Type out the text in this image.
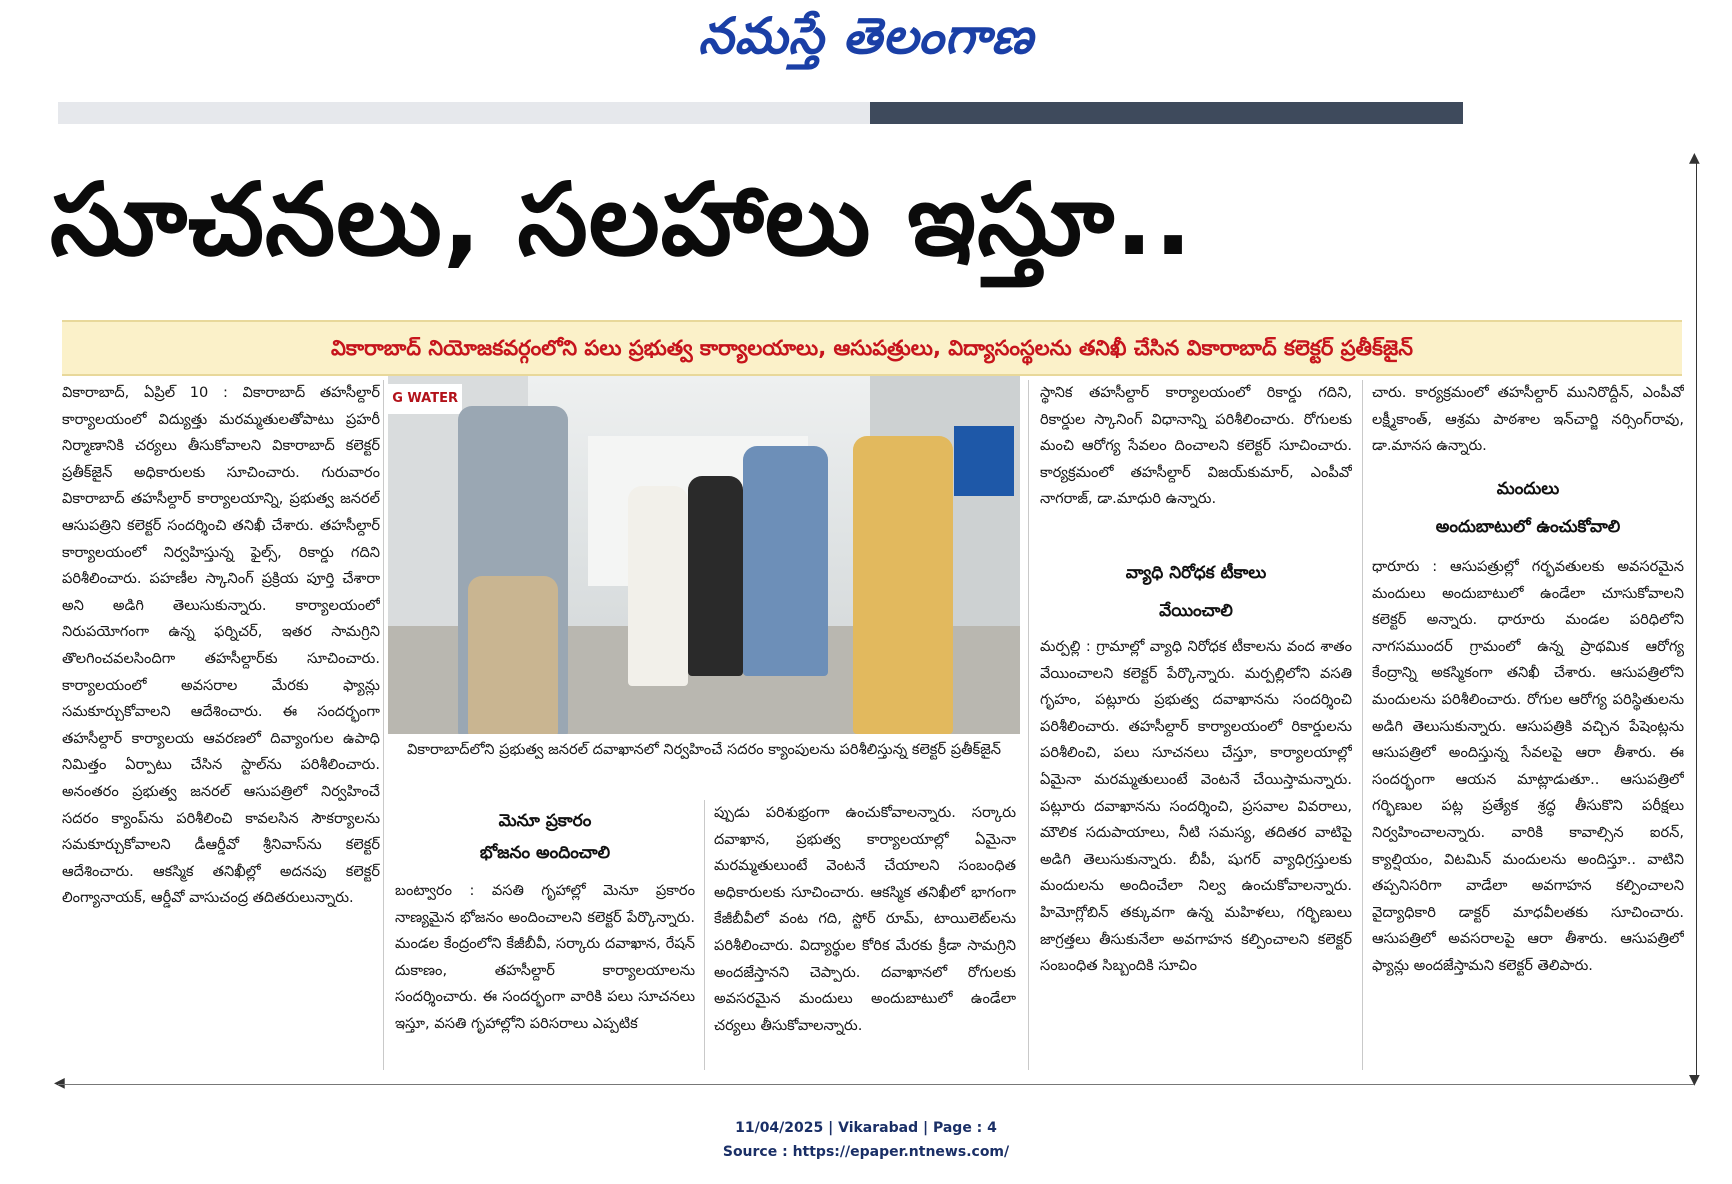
నమస్తే తెలంగాణ
సూచనలు, సలహాలు ఇస్తూ..
▲
▼
వికారాబాద్ నియోజకవర్గంలోని పలు ప్రభుత్వ కార్యాలయాలు, ఆసుపత్రులు, విద్యాసంస్థలను తనిఖీ చేసిన వికారాబాద్ కలెక్టర్ ప్రతీక్‌జైన్

వికారాబాద్, ఏప్రిల్ 10 : వికారాబాద్ తహసీల్దార్ కార్యాలయంలో విద్యుత్తు మరమ్మతులతోపాటు ప్రహరీ నిర్మాణానికి చర్యలు తీసుకోవాలని వికారాబాద్ కలెక్టర్ ప్రతీక్‌జైన్ అధికారులకు సూచించారు. గురువారం వికారాబాద్ తహసీల్దార్ కార్యాలయాన్ని, ప్రభుత్వ జనరల్ ఆసుపత్రిని కలెక్టర్ సందర్శించి తనిఖీ చేశారు. తహసీల్దార్ కార్యాలయంలో నిర్వహిస్తున్న ఫైల్స్, రికార్డు గదిని పరిశీలించారు. పహణీల స్కానింగ్ ప్రక్రియ పూర్తి చేశారా అని అడిగి తెలుసుకున్నారు. కార్యాలయంలో నిరుపయోగంగా ఉన్న ఫర్నిచర్, ఇతర సామగ్రిని తొలగించవలసిందిగా తహసీల్దార్‌కు సూచించారు. కార్యాలయంలో అవసరాల మేరకు ఫ్యాన్లు సమకూర్చుకోవాలని ఆదేశించారు. ఈ సందర్భంగా తహసీల్దార్ కార్యాలయ ఆవరణలో దివ్యాంగుల ఉపాధి నిమిత్తం ఏర్పాటు చేసిన స్టాల్‌ను పరిశీలించారు. అనంతరం ప్రభుత్వ జనరల్ ఆసుపత్రిలో నిర్వహించే సదరం క్యాంప్‌ను పరిశీలించి కావలసిన సౌకర్యాలను సమకూర్చుకోవాలని డీఆర్డీవో శ్రీనివాస్‌ను కలెక్టర్ ఆదేశించారు. ఆకస్మిక తనిఖీల్లో అదనపు కలెక్టర్ లింగ్యానాయక్, ఆర్డీవో వాసుచంద్ర తదితరులున్నారు.

G WATER
వికారాబాద్‌లోని ప్రభుత్వ జనరల్ దవాఖానలో నిర్వహించే సదరం క్యాంపులను పరిశీలిస్తున్న కలెక్టర్ ప్రతీక్‌జైన్
మెనూ ప్రకారం
భోజనం అందించాలి

బంట్వారం : వసతి గృహాల్లో మెనూ ప్రకారం నాణ్యమైన భోజనం అందించాలని కలెక్టర్ పేర్కొన్నారు. మండల కేంద్రంలోని కేజీబీవీ, సర్కారు దవాఖాన, రేషన్ దుకాణం, తహసీల్దార్ కార్యాలయాలను సందర్శించారు. ఈ సందర్భంగా వారికి పలు సూచనలు ఇస్తూ, వసతి గృహాల్లోని పరిసరాలు ఎప్పటిక

ప్పుడు పరిశుభ్రంగా ఉంచుకోవాలన్నారు. సర్కారు దవాఖాన, ప్రభుత్వ కార్యాలయాల్లో ఏమైనా మరమ్మతులుంటే వెంటనే చేయాలని సంబంధిత అధికారులకు సూచించారు. ఆకస్మిక తనిఖీలో భాగంగా కేజీబీవీలో వంట గది, స్టోర్ రూమ్, టాయిలెట్‌లను పరిశీలించారు. విద్యార్థుల కోరిక మేరకు క్రీడా సామగ్రిని అందజేస్తానని చెప్పారు. దవాఖానలో రోగులకు అవసరమైన మందులు అందుబాటులో ఉండేలా చర్యలు తీసుకోవాలన్నారు.

స్థానిక తహసీల్దార్ కార్యాలయంలో రికార్డు గదిని, రికార్డుల స్కానింగ్ విధానాన్ని పరిశీలించారు. రోగులకు మంచి ఆరోగ్య సేవలం దించాలని కలెక్టర్ సూచించారు. కార్యక్రమంలో తహసీల్దార్ విజయ్‌కుమార్, ఎంపీవో నాగరాజ్, డా.మాధురి ఉన్నారు.

వ్యాధి నిరోధక టీకాలు
వేయించాలి

మర్పల్లి : గ్రామాల్లో వ్యాధి నిరోధక టీకాలను వంద శాతం వేయించాలని కలెక్టర్ పేర్కొన్నారు. మర్పల్లిలోని వసతి గృహం, పట్లూరు ప్రభుత్వ దవాఖానను సందర్శించి పరిశీలించారు. తహసీల్దార్ కార్యాలయంలో రికార్డులను పరిశీలించి, పలు సూచనలు చేస్తూ, కార్యాలయాల్లో ఏమైనా మరమ్మతులుంటే వెంటనే చేయిస్తామన్నారు. పట్లూరు దవాఖానను సందర్శించి, ప్రసవాల వివరాలు, మౌలిక సదుపాయాలు, నీటి సమస్య, తదితర వాటిపై అడిగి తెలుసుకున్నారు. బీపీ, షుగర్ వ్యాధిగ్రస్తులకు మందులను అందించేలా నిల్వ ఉంచుకోవాలన్నారు. హిమోగ్లోబిన్ తక్కువగా ఉన్న మహిళలు, గర్భిణులు జాగ్రత్తలు తీసుకునేలా అవగాహన కల్పించాలని కలెక్టర్ సంబంధిత సిబ్బందికి సూచిం

చారు. కార్యక్రమంలో తహసీల్దార్ మునిరొద్దీన్, ఎంపీవో లక్ష్మీకాంత్, ఆశ్రమ పాఠశాల ఇన్‌చార్జి నర్సింగ్‌రావు, డా.మానస ఉన్నారు.

మందులు
అందుబాటులో ఉంచుకోవాలి

ధారూరు : ఆసుపత్రుల్లో గర్భవతులకు అవసరమైన మందులు అందుబాటులో ఉండేలా చూసుకోవాలని కలెక్టర్ అన్నారు. ధారూరు మండల పరిధిలోని నాగసముందర్ గ్రామంలో ఉన్న ప్రాథమిక ఆరోగ్య కేంద్రాన్ని అకస్మికంగా తనిఖీ చేశారు. ఆసుపత్రిలోని మందులను పరిశీలించారు. రోగుల ఆరోగ్య పరిస్థితులను అడిగి తెలుసుకున్నారు. ఆసుపత్రికి వచ్చిన పేషెంట్లను ఆసుపత్రిలో అందిస్తున్న సేవలపై ఆరా తీశారు. ఈ సందర్భంగా ఆయన మాట్లాడుతూ.. ఆసుపత్రిలో గర్భిణుల పట్ల ప్రత్యేక శ్రద్ధ తీసుకొని పరీక్షలు నిర్వహించాలన్నారు. వారికి కావాల్సిన ఐరన్, క్యాల్షియం, విటమిన్ మందులను అందిస్తూ.. వాటిని తప్పనిసరిగా వాడేలా అవగాహన కల్పించాలని వైద్యాధికారి డాక్టర్ మాధవీలతకు సూచించారు. ఆసుపత్రిలో అవసరాలపై ఆరా తీశారు. ఆసుపత్రిలో ఫ్యాన్లు అందజేస్తామని కలెక్టర్ తెలిపారు.

◀
11/04/2025 | Vikarabad | Page : 4
Source : https://epaper.ntnews.com/
